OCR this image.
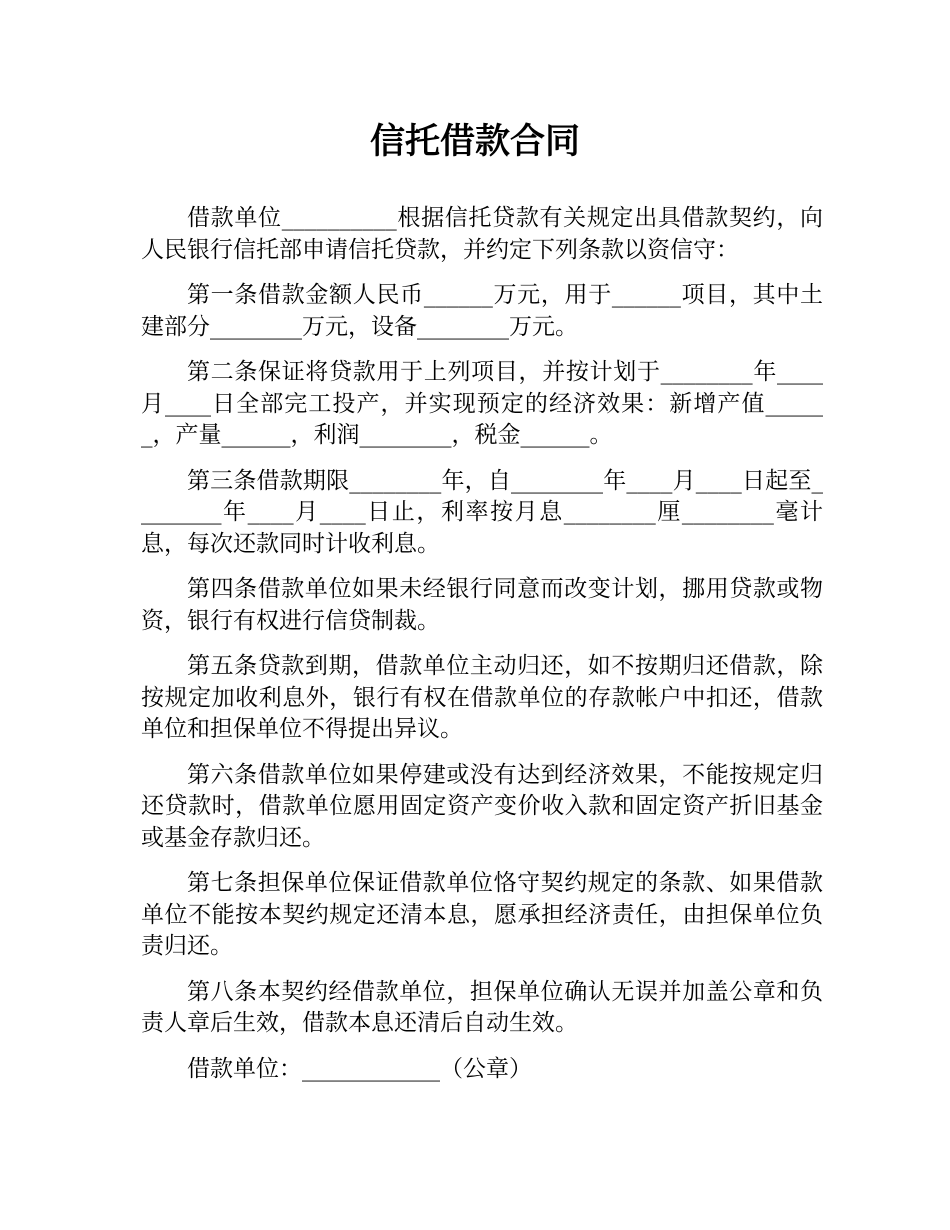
信托借款合同

借款单位__________根据信托贷款有关规定出具借款契约，向人民银行信托部申请信托贷款，并约定下列条款以资信守：

第一条借款金额人民币______万元，用于______项目，其中土建部分________万元，设备________万元。

第二条保证将贷款用于上列项目，并按计划于________年____月____日全部完工投产，并实现预定的经济效果：新增产值______，产量______，利润________，税金______。

第三条借款期限________年，自________年____月____日起至________年____月____日止，利率按月息________厘________毫计息，每次还款同时计收利息。

第四条借款单位如果未经银行同意而改变计划，挪用贷款或物资，银行有权进行信贷制裁。

第五条贷款到期，借款单位主动归还，如不按期归还借款，除按规定加收利息外，银行有权在借款单位的存款帐户中扣还，借款单位和担保单位不得提出异议。

第六条借款单位如果停建或没有达到经济效果，不能按规定归还贷款时，借款单位愿用固定资产变价收入款和固定资产折旧基金或基金存款归还。

第七条担保单位保证借款单位恪守契约规定的条款、如果借款单位不能按本契约规定还清本息，愿承担经济责任，由担保单位负责归还。

第八条本契约经借款单位，担保单位确认无误并加盖公章和负责人章后生效，借款本息还清后自动生效。

借款单位：____________（公章）
